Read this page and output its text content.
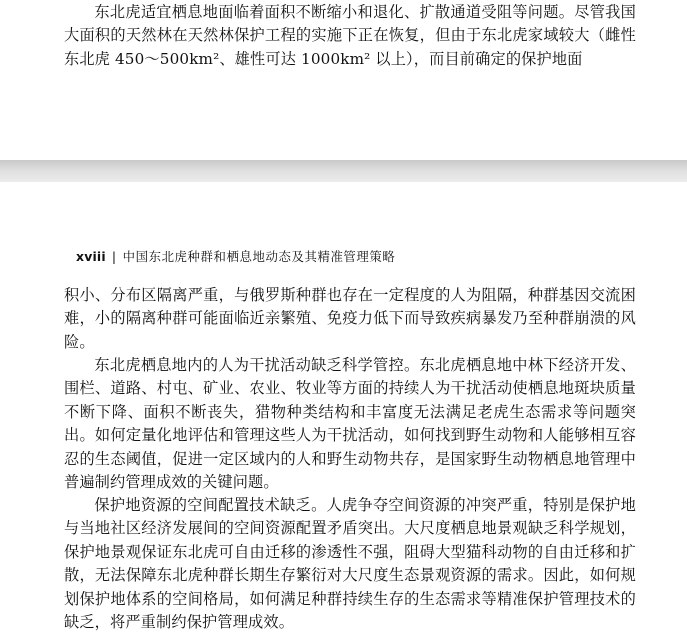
东北虎适宜栖息地面临着面积不断缩小和退化、扩散通道受阻等问题。尽管我国大面积的天然林在天然林保护工程的实施下正在恢复，但由于东北虎家域较大（雌性东北虎 450～500km²、雄性可达 1000km² 以上），而目前确定的保护地面

xviii | 中国东北虎种群和栖息地动态及其精准管理策略

积小、分布区隔离严重，与俄罗斯种群也存在一定程度的人为阻隔，种群基因交流困难，小的隔离种群可能面临近亲繁殖、免疫力低下而导致疾病暴发乃至种群崩溃的风险。

东北虎栖息地内的人为干扰活动缺乏科学管控。东北虎栖息地中林下经济开发、围栏、道路、村屯、矿业、农业、牧业等方面的持续人为干扰活动使栖息地斑块质量不断下降、面积不断丧失，猎物种类结构和丰富度无法满足老虎生态需求等问题突出。如何定量化地评估和管理这些人为干扰活动，如何找到野生动物和人能够相互容忍的生态阈值，促进一定区域内的人和野生动物共存，是国家野生动物栖息地管理中普遍制约管理成效的关键问题。

保护地资源的空间配置技术缺乏。人虎争夺空间资源的冲突严重，特别是保护地与当地社区经济发展间的空间资源配置矛盾突出。大尺度栖息地景观缺乏科学规划，保护地景观保证东北虎可自由迁移的渗透性不强，阻碍大型猫科动物的自由迁移和扩散，无法保障东北虎种群长期生存繁衍对大尺度生态景观资源的需求。因此，如何规划保护地体系的空间格局，如何满足种群持续生存的生态需求等精准保护管理技术的缺乏，将严重制约保护管理成效。
